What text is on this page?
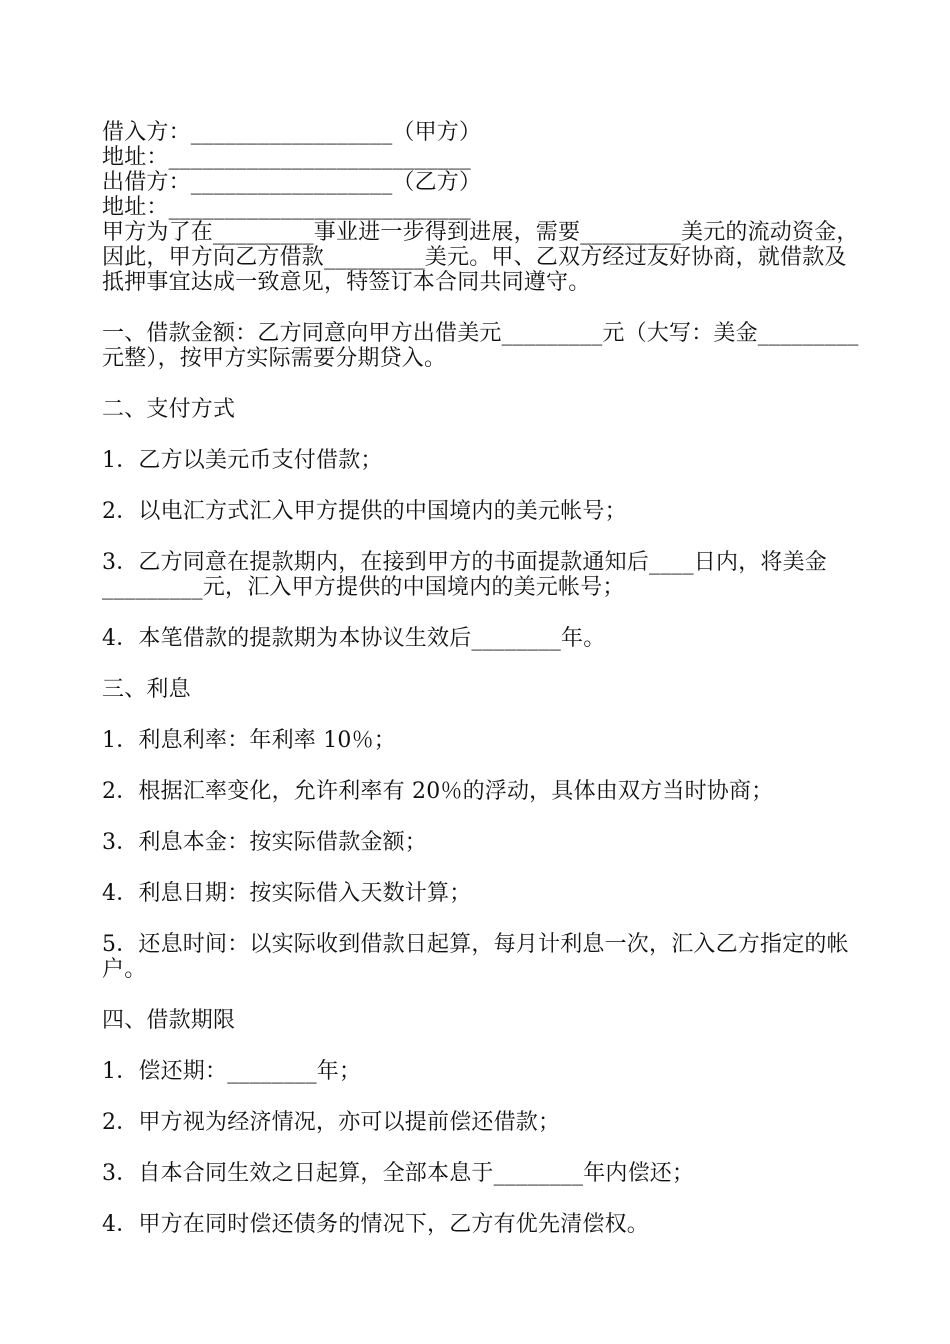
借入方：__________________（甲方）
地址：___________________________
出借方：__________________（乙方）
地址：___________________________
甲方为了在_________事业进一步得到进展，需要_________美元的流动资金，因此，甲方向乙方借款_________美元。甲、乙双方经过友好协商，就借款及抵押事宜达成一致意见，特签订本合同共同遵守。
一、借款金额：乙方同意向甲方出借美元_________元（大写：美金_________元整），按甲方实际需要分期贷入。
二、支付方式
1．乙方以美元币支付借款；
2．以电汇方式汇入甲方提供的中国境内的美元帐号；
3．乙方同意在提款期内，在接到甲方的书面提款通知后____日内，将美金_________元，汇入甲方提供的中国境内的美元帐号；
4．本笔借款的提款期为本协议生效后________年。
三、利息
1．利息利率：年利率 10％；
2．根据汇率变化，允许利率有 20％的浮动，具体由双方当时协商；
3．利息本金：按实际借款金额；
4．利息日期：按实际借入天数计算；
5．还息时间：以实际收到借款日起算，每月计利息一次，汇入乙方指定的帐户。
四、借款期限
1．偿还期：________年；
2．甲方视为经济情况，亦可以提前偿还借款；
3．自本合同生效之日起算，全部本息于________年内偿还；
4．甲方在同时偿还债务的情况下，乙方有优先清偿权。
